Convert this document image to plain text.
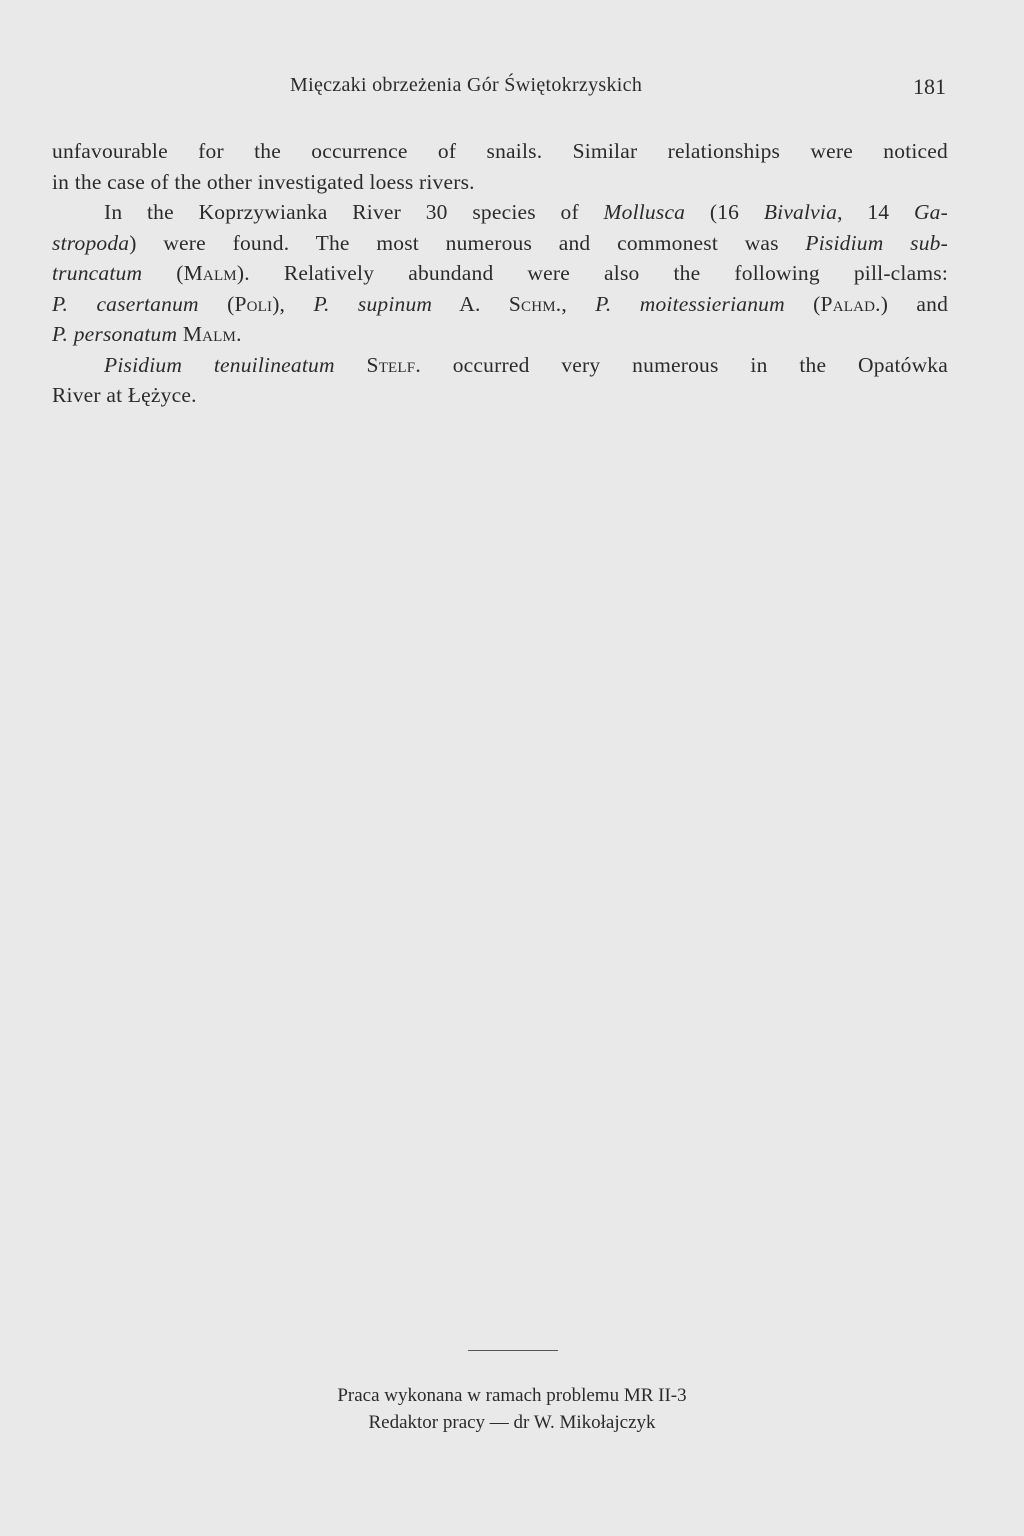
Mięczaki obrzeżenia Gór Świętokrzyskich	181
unfavourable for the occurrence of snails. Similar relationships were noticed
in the case of the other investigated loess rivers.
In the Koprzywianka River 30 species of Mollusca (16 Bivalvia, 14 Ga-
stropoda) were found. The most numerous and commonest was Pisidium sub-
truncatum (Malm). Relatively abundand were also the following pill-clams:
P. casertanum (Poli), P. supinum A. Schm., P. moitessierianum (Palad.) and
P. personatum Malm.
Pisidium tenuilineatum Stelf. occurred very numerous in the Opatówka
River at Łężyce.
Praca wykonana w ramach problemu MR II-3
Redaktor pracy — dr W. Mikołajczyk
